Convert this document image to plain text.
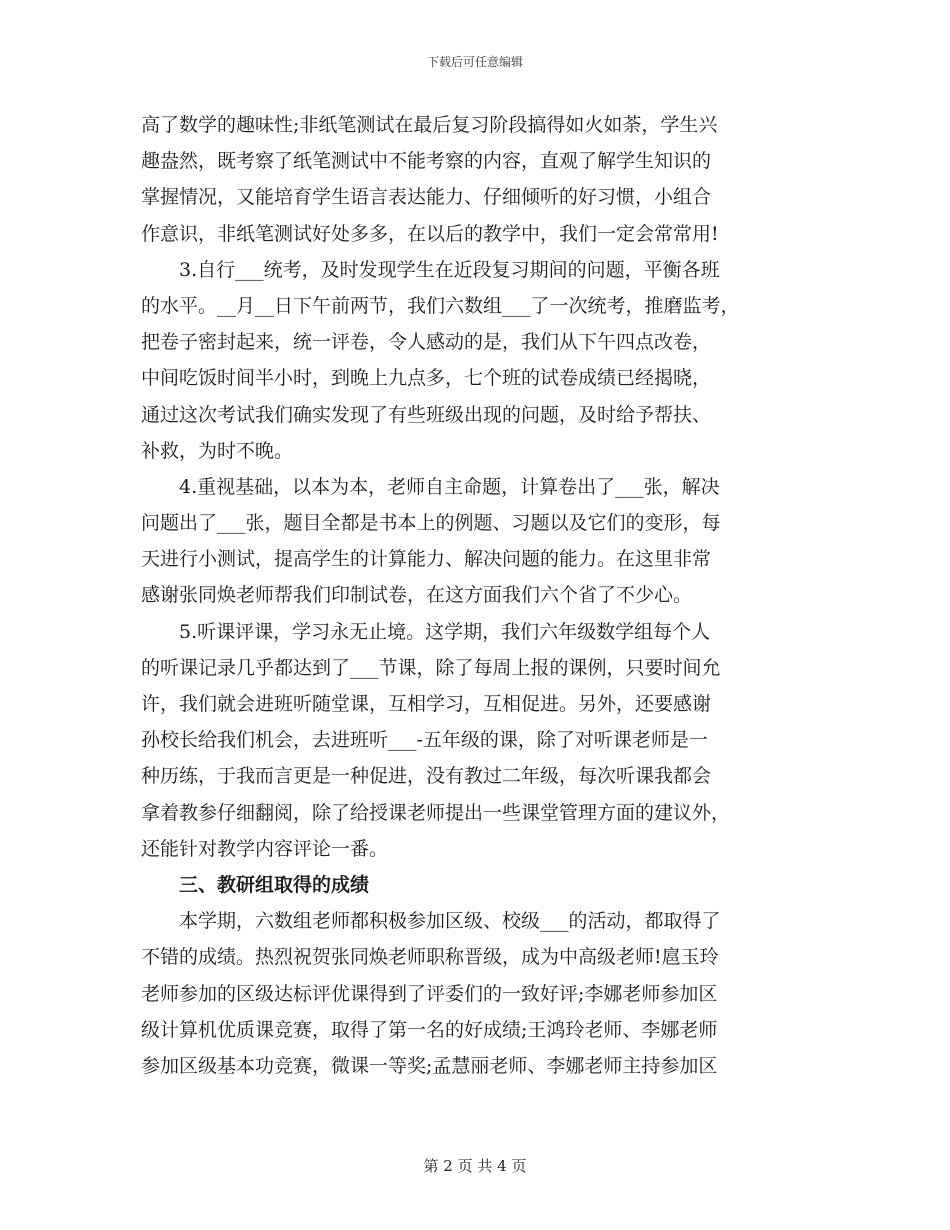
下载后可任意编辑
高了数学的趣味性;非纸笔测试在最后复习阶段搞得如火如荼，学生兴
趣盎然，既考察了纸笔测试中不能考察的内容，直观了解学生知识的
掌握情况，又能培育学生语言表达能力、仔细倾听的好习惯，小组合
作意识，非纸笔测试好处多多，在以后的教学中，我们一定会常常用!
3.自行___统考，及时发现学生在近段复习期间的问题，平衡各班
的水平。__月__日下午前两节，我们六数组___了一次统考，推磨监考，
把卷子密封起来，统一评卷，令人感动的是，我们从下午四点改卷，
中间吃饭时间半小时，到晚上九点多，七个班的试卷成绩已经揭晓，
通过这次考试我们确实发现了有些班级出现的问题，及时给予帮扶、
补救，为时不晚。
4.重视基础，以本为本，老师自主命题，计算卷出了___张，解决
问题出了___张，题目全都是书本上的例题、习题以及它们的变形，每
天进行小测试，提高学生的计算能力、解决问题的能力。在这里非常
感谢张同焕老师帮我们印制试卷，在这方面我们六个省了不少心。
5.听课评课，学习永无止境。这学期，我们六年级数学组每个人
的听课记录几乎都达到了___节课，除了每周上报的课例，只要时间允
许，我们就会进班听随堂课，互相学习，互相促进。另外，还要感谢
孙校长给我们机会，去进班听___-五年级的课，除了对听课老师是一
种历练，于我而言更是一种促进，没有教过二年级，每次听课我都会
拿着教参仔细翻阅，除了给授课老师提出一些课堂管理方面的建议外，
还能针对教学内容评论一番。
三、教研组取得的成绩
本学期，六数组老师都积极参加区级、校级___的活动，都取得了
不错的成绩。热烈祝贺张同焕老师职称晋级，成为中高级老师!扈玉玲
老师参加的区级达标评优课得到了评委们的一致好评;李娜老师参加区
级计算机优质课竞赛，取得了第一名的好成绩;王鸿玲老师、李娜老师
参加区级基本功竞赛，微课一等奖;孟慧丽老师、李娜老师主持参加区
第 2 页 共 4 页
